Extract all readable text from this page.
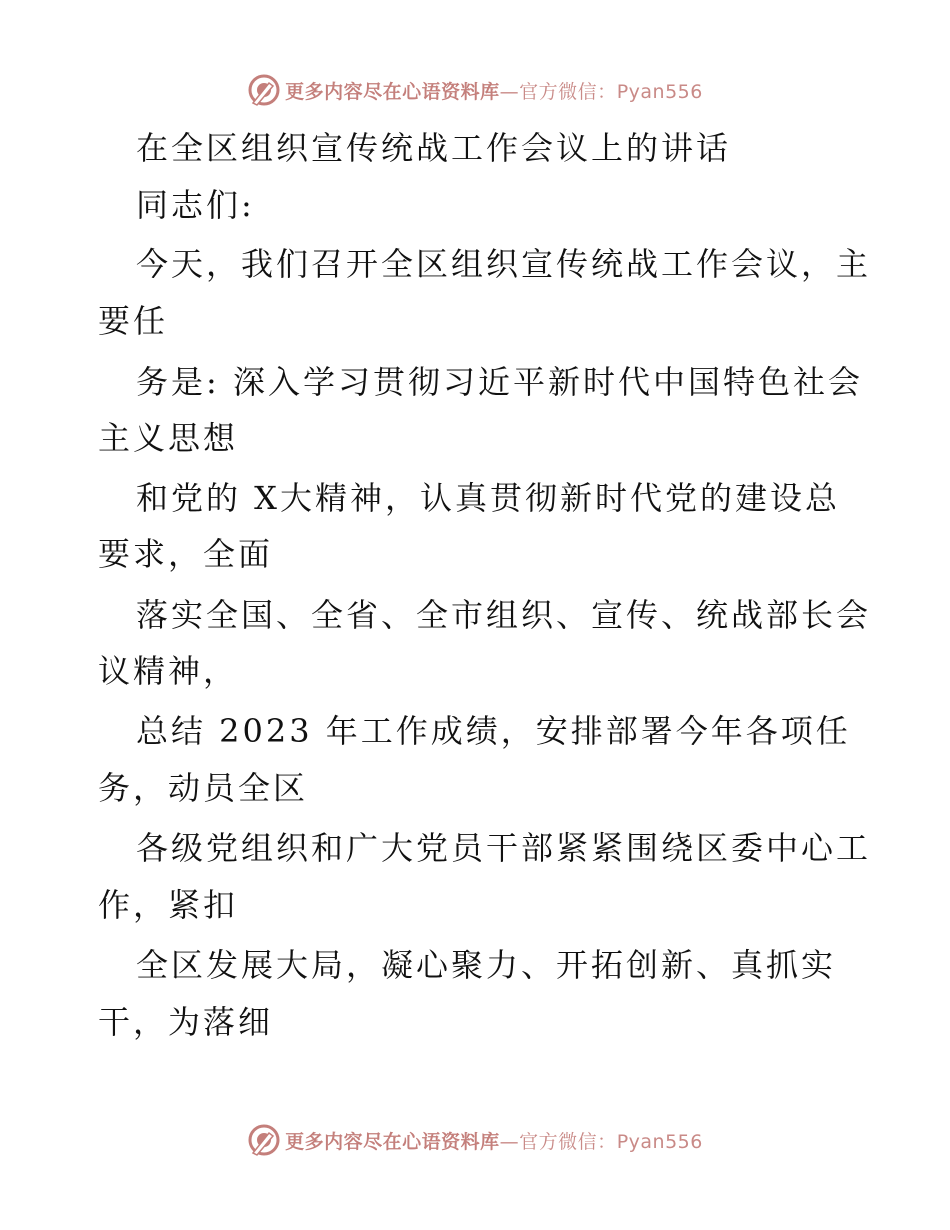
更多内容尽在心语资料库—官方微信：Pyan556
在全区组织宣传统战工作会议上的讲话
同志们:
今天，我们召开全区组织宣传统战工作会议，主
要任
务是: 深入学习贯彻习近平新时代中国特色社会
主义思想
和党的 X大精神，认真贯彻新时代党的建设总
要求，全面
落实全国、全省、全市组织、宣传、统战部长会
议精神，
总结 2023 年工作成绩，安排部署今年各项任
务，动员全区
各级党组织和广大党员干部紧紧围绕区委中心工
作，紧扣
全区发展大局，凝心聚力、开拓创新、真抓实
干，为落细
更多内容尽在心语资料库—官方微信：Pyan556
